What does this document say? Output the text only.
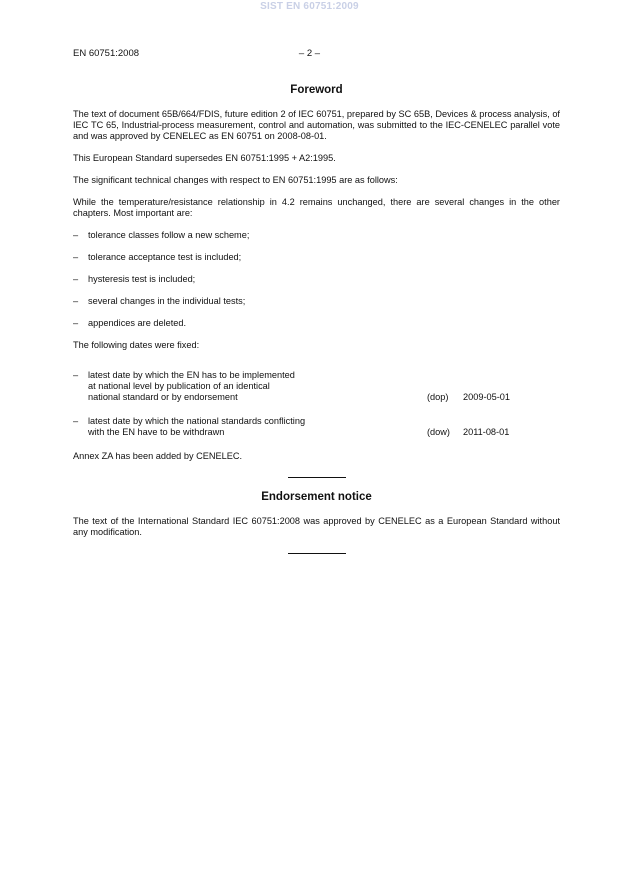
SIST EN 60751:2009
EN 60751:2008	– 2 –
Foreword

The text of document 65B/664/FDIS, future edition 2 of IEC 60751, prepared by SC 65B, Devices & process analysis, of IEC TC 65, Industrial-process measurement, control and automation, was submitted to the IEC-CENELEC parallel vote and was approved by CENELEC as EN 60751 on 2008-08-01.

This European Standard supersedes EN 60751:1995 + A2:1995.

The significant technical changes with respect to EN 60751:1995 are as follows:

While the temperature/resistance relationship in 4.2 remains unchanged, there are several changes in the other chapters. Most important are:

– tolerance classes follow a new scheme;
– tolerance acceptance test is included;
– hysteresis test is included;
– several changes in the individual tests;
– appendices are deleted.

The following dates were fixed:

– latest date by which the EN has to be implemented
at national level by publication of an identical
national standard or by endorsement	(dop) 2009-05-01
– latest date by which the national standards conflicting
with the EN have to be withdrawn	(dow) 2011-08-01

Annex ZA has been added by CENELEC.

Endorsement notice

The text of the International Standard IEC 60751:2008 was approved by CENELEC as a European Standard without any modification.
